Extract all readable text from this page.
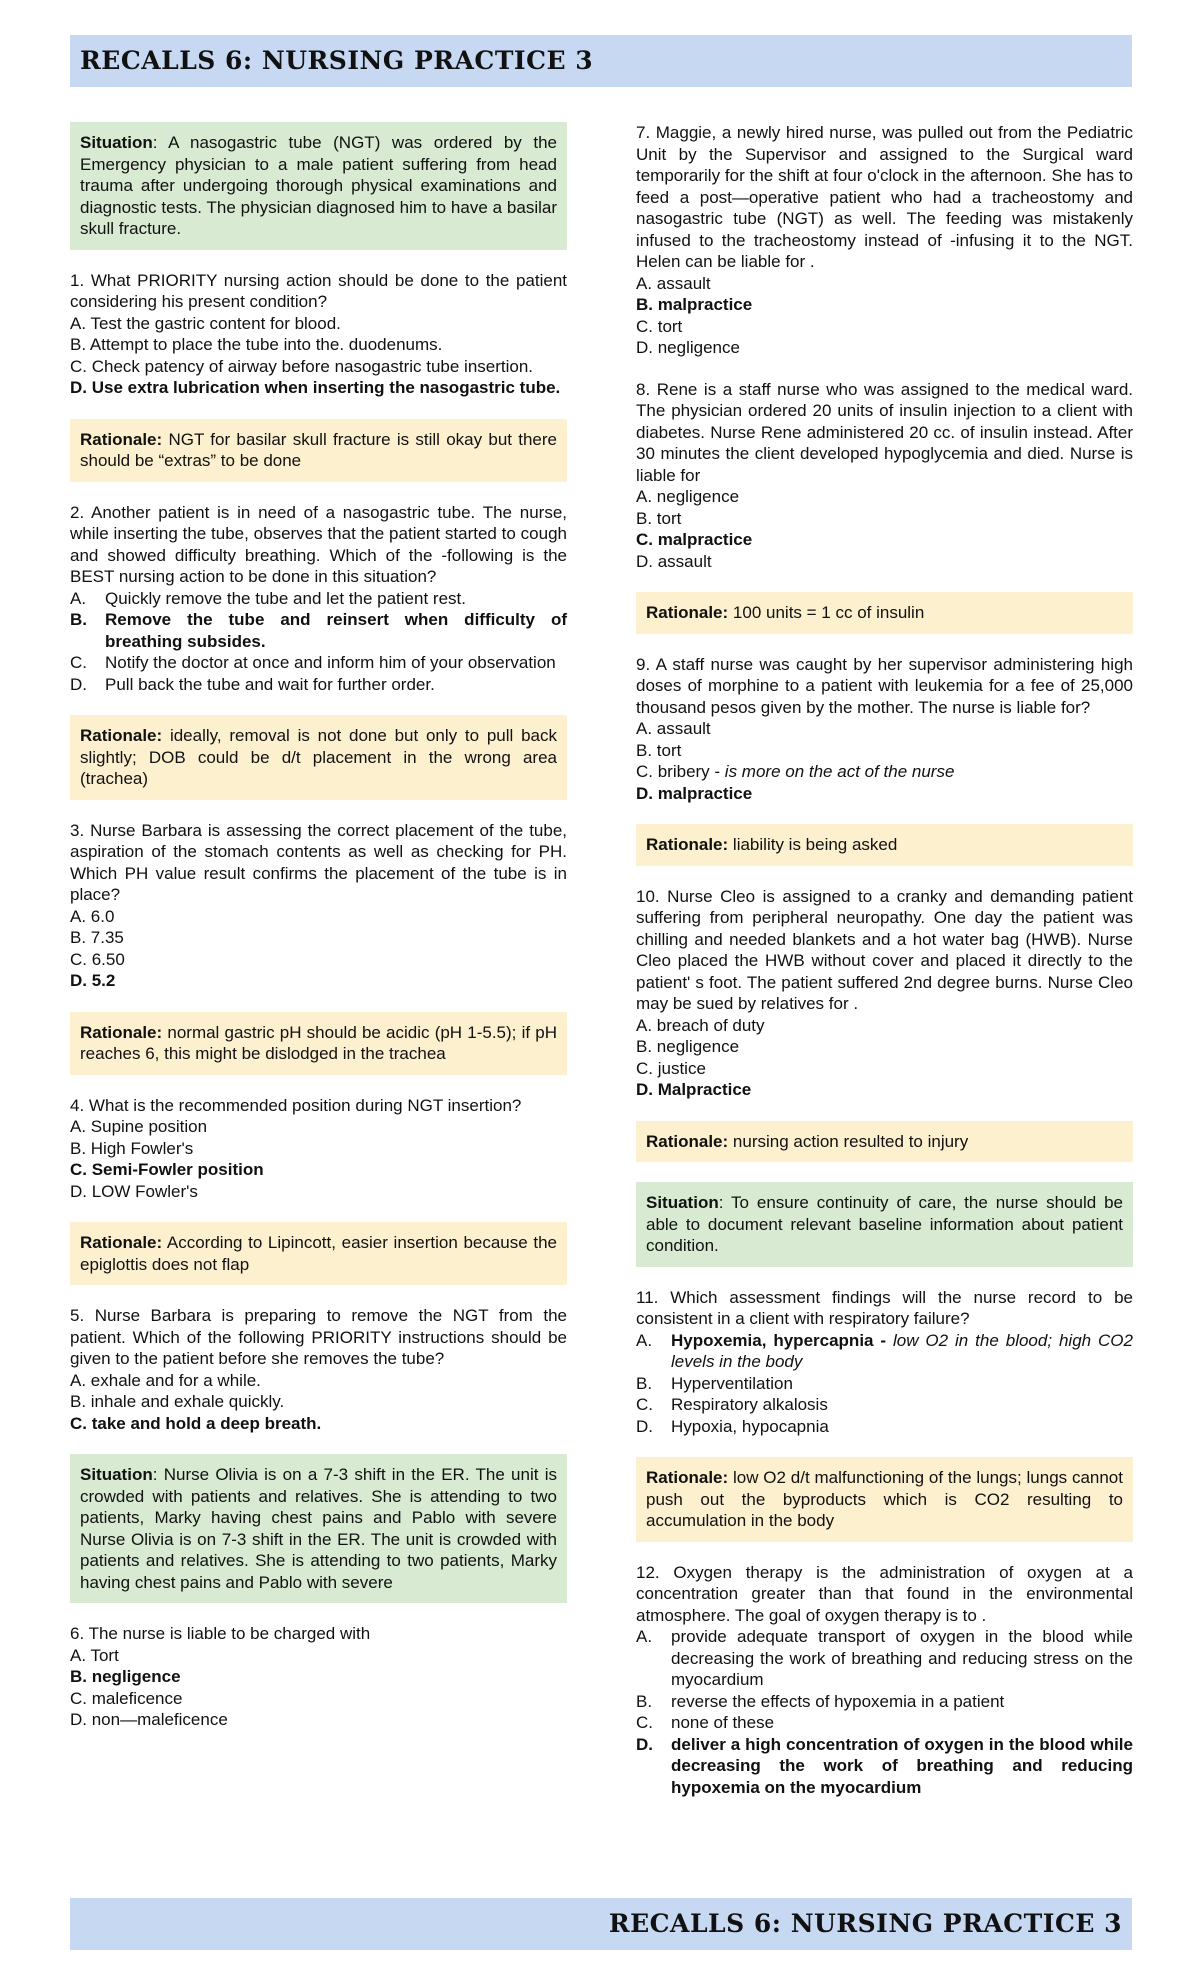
RECALLS 6: NURSING PRACTICE 3
Situation: A nasogastric tube (NGT) was ordered by the Emergency physician to a male patient suffering from head trauma after undergoing thorough physical examinations and diagnostic tests. The physician diagnosed him to have a basilar skull fracture.
1. What PRIORITY nursing action should be done to the patient considering his present condition?
A. Test the gastric content for blood.
B. Attempt to place the tube into the. duodenums.
C. Check patency of airway before nasogastric tube insertion.
D. Use extra lubrication when inserting the nasogastric tube.
Rationale: NGT for basilar skull fracture is still okay but there should be “extras” to be done
2. Another patient is in need of a nasogastric tube. The nurse, while inserting the tube, observes that the patient started to cough and showed difficulty breathing. Which of the -following is the BEST nursing action to be done in this situation?
A.	Quickly remove the tube and let the patient rest.
B.	Remove the tube and reinsert when difficulty of breathing subsides.
C.	Notify the doctor at once and inform him of your observation
D.	Pull back the tube and wait for further order.
Rationale: ideally, removal is not done but only to pull back slightly; DOB could be d/t placement in the wrong area (trachea)
3. Nurse Barbara is assessing the correct placement of the tube, aspiration of the stomach contents as well as checking for PH. Which PH value result confirms the placement of the tube is in place?
A. 6.0
B. 7.35
C. 6.50
D. 5.2
Rationale: normal gastric pH should be acidic (pH 1-5.5); if pH reaches 6, this might be dislodged in the trachea
4. What is the recommended position during NGT insertion?
A. Supine position
B. High Fowler's
C. Semi-Fowler position
D. LOW Fowler's
Rationale: According to Lipincott, easier insertion because the epiglottis does not flap
5. Nurse Barbara is preparing to remove the NGT from the patient. Which of the following PRIORITY instructions should be given to the patient before she removes the tube?
A. exhale and for a while.
B. inhale and exhale quickly.
C. take and hold a deep breath.
Situation: Nurse Olivia is on a 7-3 shift in the ER. The unit is crowded with patients and relatives. She is attending to two patients, Marky having chest pains and Pablo with severe Nurse Olivia is on 7-3 shift in the ER. The unit is crowded with patients and relatives. She is attending to two patients, Marky having chest pains and Pablo with severe
6. The nurse is liable to be charged with
A. Tort
B. negligence
C. maleficence
D. non—maleficence
7. Maggie, a newly hired nurse, was pulled out from the Pediatric Unit by the Supervisor and assigned to the Surgical ward temporarily for the shift at four o'clock in the afternoon. She has to feed a post—operative patient who had a tracheostomy and nasogastric tube (NGT) as well. The feeding was mistakenly infused to the tracheostomy instead of -infusing it to the NGT. Helen can be liable for .
A. assault
B. malpractice
C. tort
D. negligence
8. Rene is a staff nurse who was assigned to the medical ward. The physician ordered 20 units of insulin injection to a client with diabetes. Nurse Rene administered 20 cc. of insulin instead. After 30 minutes the client developed hypoglycemia and died. Nurse is liable for
A. negligence
B. tort
C. malpractice
D. assault
Rationale: 100 units = 1 cc of insulin
9. A staff nurse was caught by her supervisor administering high doses of morphine to a patient with leukemia for a fee of 25,000 thousand pesos given by the mother. The nurse is liable for?
A. assault
B. tort
C. bribery - is more on the act of the nurse
D. malpractice
Rationale: liability is being asked
10. Nurse Cleo is assigned to a cranky and demanding patient suffering from peripheral neuropathy. One day the patient was chilling and needed blankets and a hot water bag (HWB). Nurse Cleo placed the HWB without cover and placed it directly to the patient' s foot. The patient suffered 2nd degree burns. Nurse Cleo may be sued by relatives for .
A. breach of duty
B. negligence
C. justice
D. Malpractice
Rationale: nursing action resulted to injury
Situation: To ensure continuity of care, the nurse should be able to document relevant baseline information about patient condition.
11. Which assessment findings will the nurse record to be consistent in a client with respiratory failure?
A.	Hypoxemia, hypercapnia - low O2 in the blood; high CO2 levels in the body
B.	Hyperventilation
C.	Respiratory alkalosis
D.	Hypoxia, hypocapnia
Rationale: low O2 d/t malfunctioning of the lungs; lungs cannot push out the byproducts which is CO2 resulting to accumulation in the body
12. Oxygen therapy is the administration of oxygen at a concentration greater than that found in the environmental atmosphere. The goal of oxygen therapy is to .
A.	provide adequate transport of oxygen in the blood while decreasing the work of breathing and reducing stress on the myocardium
B.	reverse the effects of hypoxemia in a patient
C.	none of these
D.	deliver a high concentration of oxygen in the blood while decreasing the work of breathing and reducing hypoxemia on the myocardium
RECALLS 6: NURSING PRACTICE 3
